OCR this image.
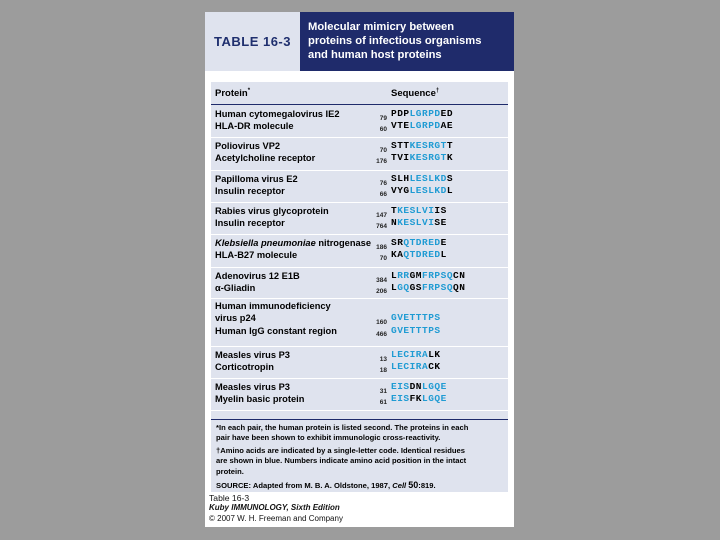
TABLE 16-3
Molecular mimicry between
proteins of infectious organisms
and human host proteins
Protein*	Sequence†
Human cytomegalovirus IE2
HLA-DR molecule
79 PDPLGRPDED
60 VTELGRPDAE
Poliovirus VP2
Acetylcholine receptor
70 STTKESRGTT
176 TVIKESRGTK
Papilloma virus E2
Insulin receptor
76 SLHLESLKDS
66 VYGLESLKDL
Rabies virus glycoprotein
Insulin receptor
147 TKESLVIIS
764 NKESLVISE
Klebsiella pneumoniae nitrogenase
HLA-B27 molecule
186 SRQTDREDE
70 KAQTDREDL
Adenovirus 12 E1B
α-Gliadin
384 LRRGMFRPSQCN
206 LGQGSFRPSQQN
Human immunodeficiency
virus p24
Human IgG constant region
160 GVETTTPS
466 GVETTTPS
Measles virus P3
Corticotropin
13 LECIRALK
18 LECIRACK
Measles virus P3
Myelin basic protein
31 EISDNLGQE
61 EISFKLGQE
*In each pair, the human protein is listed second. The proteins in each
pair have been shown to exhibit immunologic cross-reactivity.
†Amino acids are indicated by a single-letter code. Identical residues
are shown in blue. Numbers indicate amino acid position in the intact
protein.
SOURCE: Adapted from M. B. A. Oldstone, 1987, Cell 50:819.
Table 16-3
Kuby IMMUNOLOGY, Sixth Edition
© 2007 W. H. Freeman and Company
